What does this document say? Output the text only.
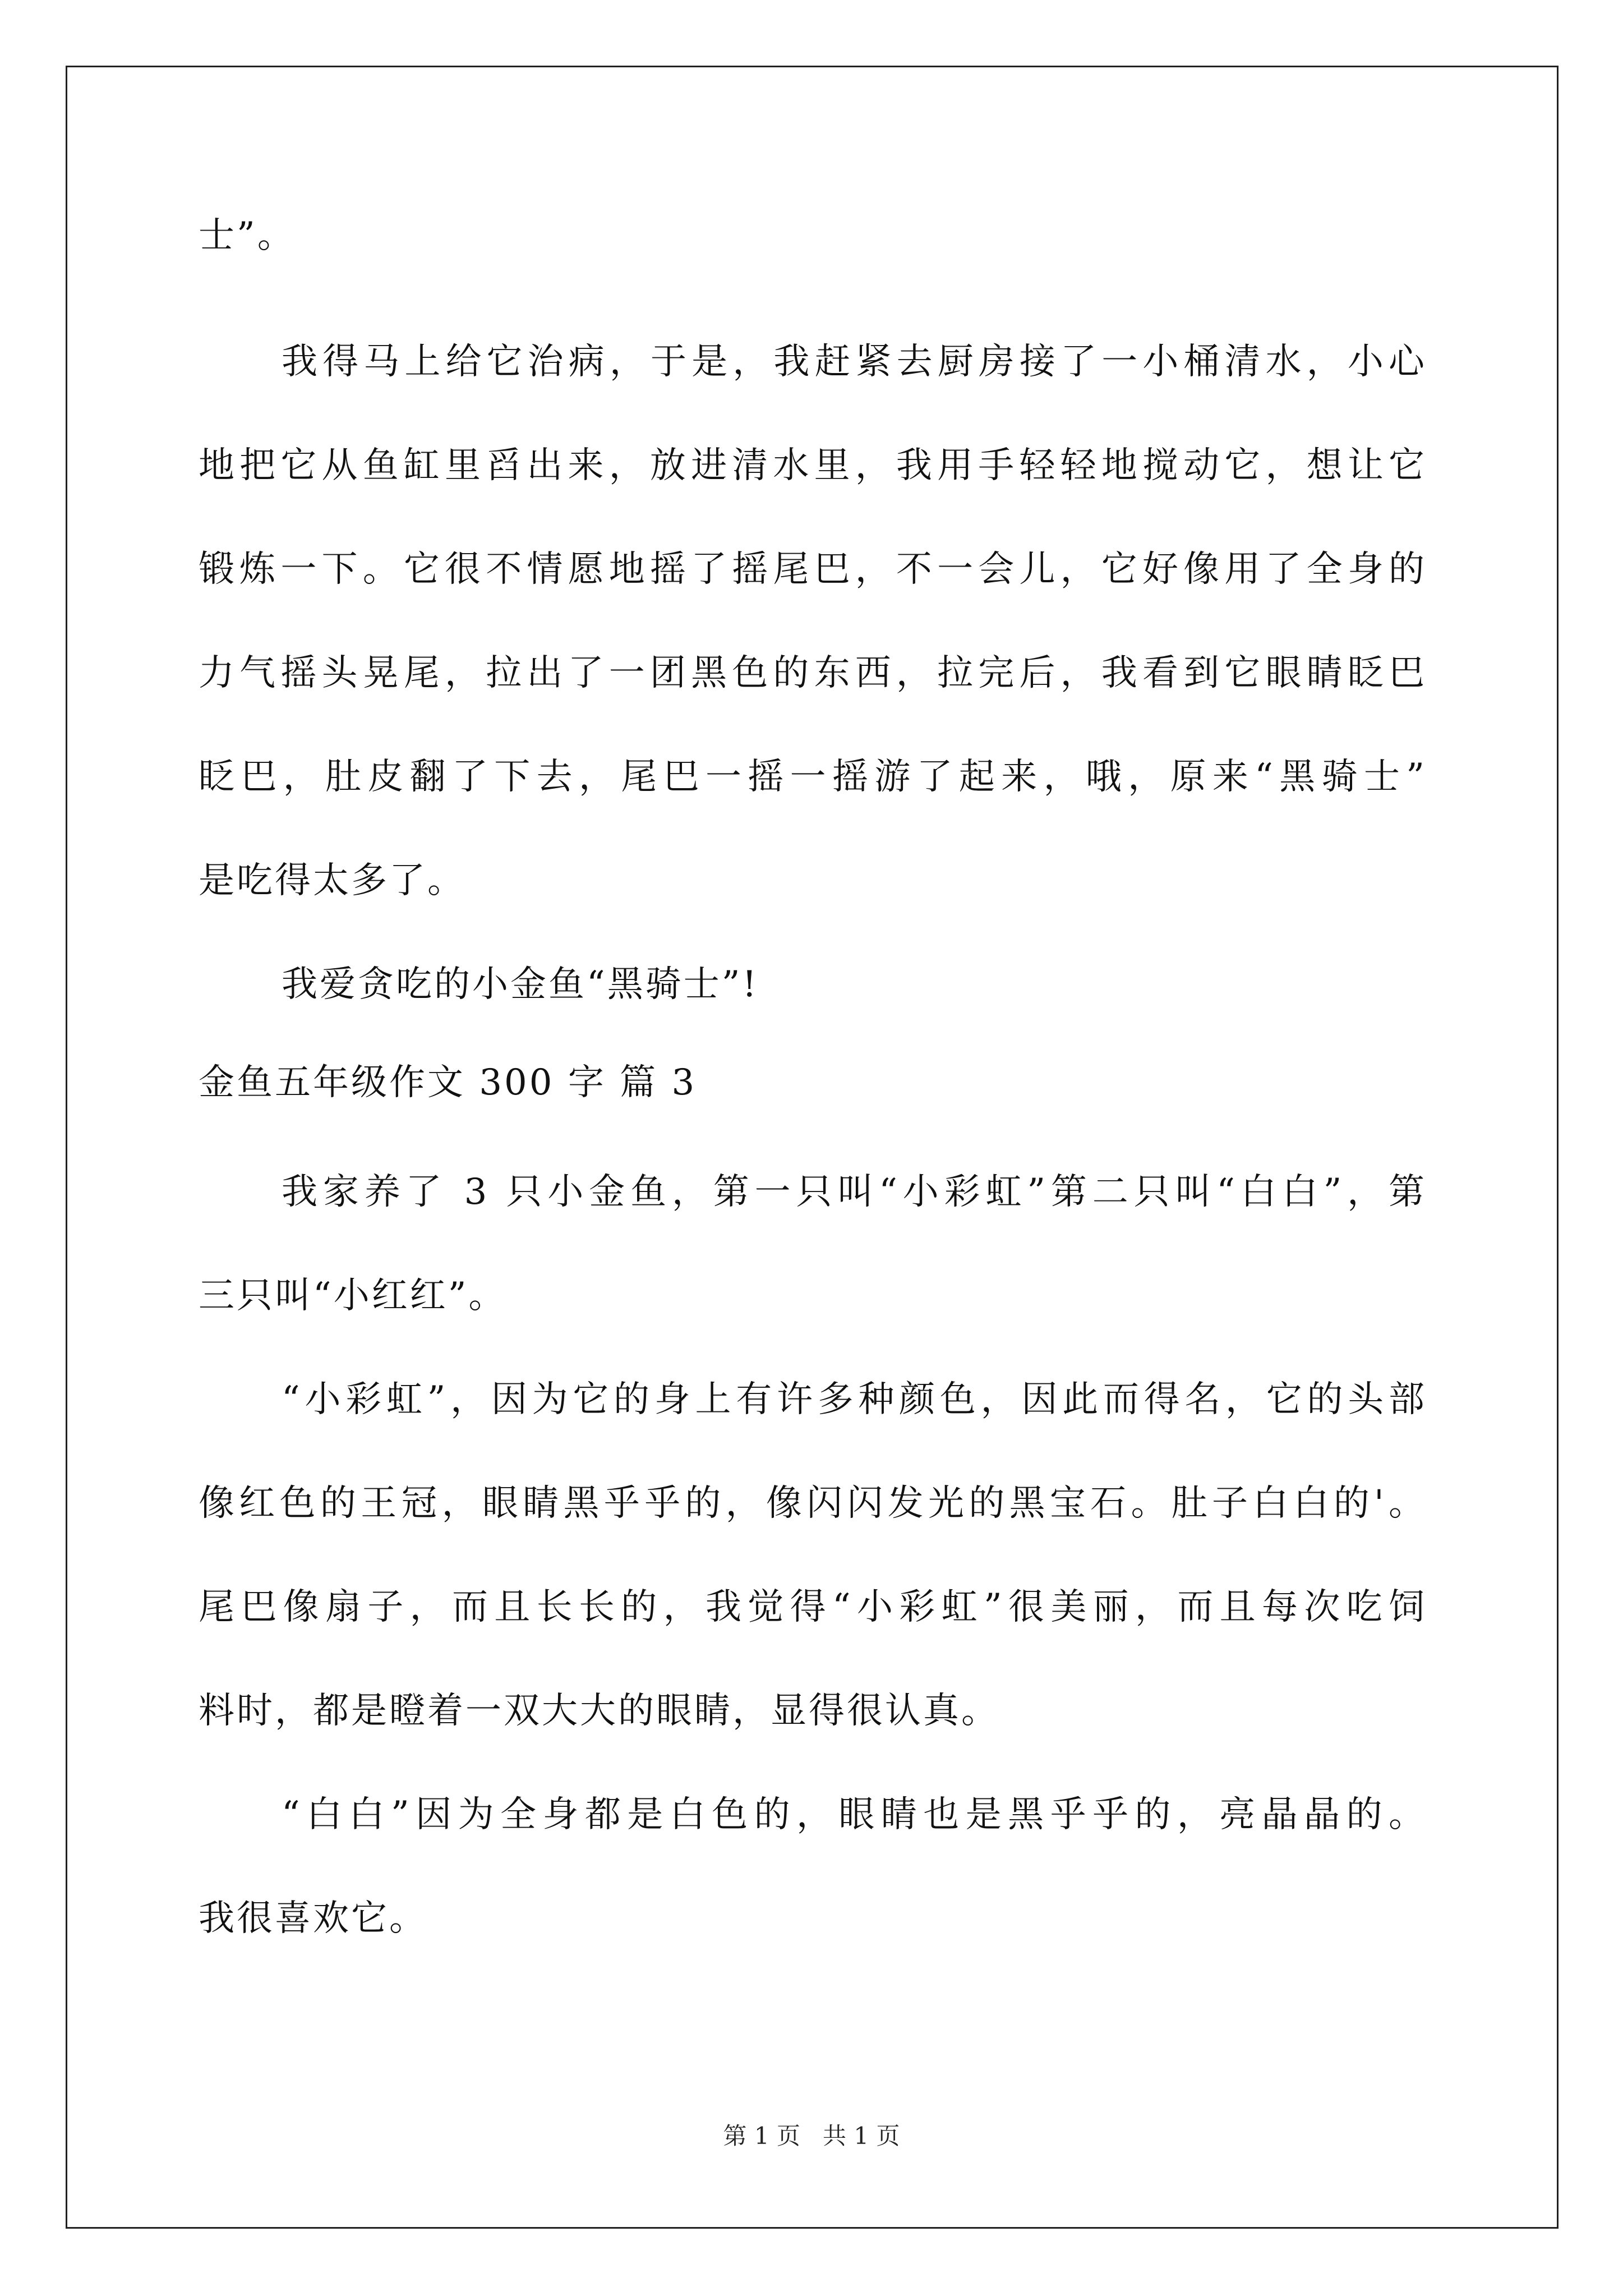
士”。
我得马上给它治病，于是，我赶紧去厨房接了一小桶清水，小心
地把它从鱼缸里舀出来，放进清水里，我用手轻轻地搅动它，想让它
锻炼一下。它很不情愿地摇了摇尾巴，不一会儿，它好像用了全身的
力气摇头晃尾，拉出了一团黑色的东西，拉完后，我看到它眼睛眨巴
眨巴，肚皮翻了下去，尾巴一摇一摇游了起来，哦，原来“黑骑士”
是吃得太多了。
我爱贪吃的小金鱼“黑骑士”!
金鱼五年级作文 300 字 篇 3
我家养了 3 只小金鱼，第一只叫“小彩虹”第二只叫“白白”，第
三只叫“小红红”。
“小彩虹”，因为它的身上有许多种颜色，因此而得名，它的头部
像红色的王冠，眼睛黑乎乎的，像闪闪发光的黑宝石。肚子白白的'。
尾巴像扇子，而且长长的，我觉得“小彩虹”很美丽，而且每次吃饲
料时，都是瞪着一双大大的眼睛，显得很认真。
“白白”因为全身都是白色的，眼睛也是黑乎乎的，亮晶晶的。
我很喜欢它。
第 1 页   共 1 页
